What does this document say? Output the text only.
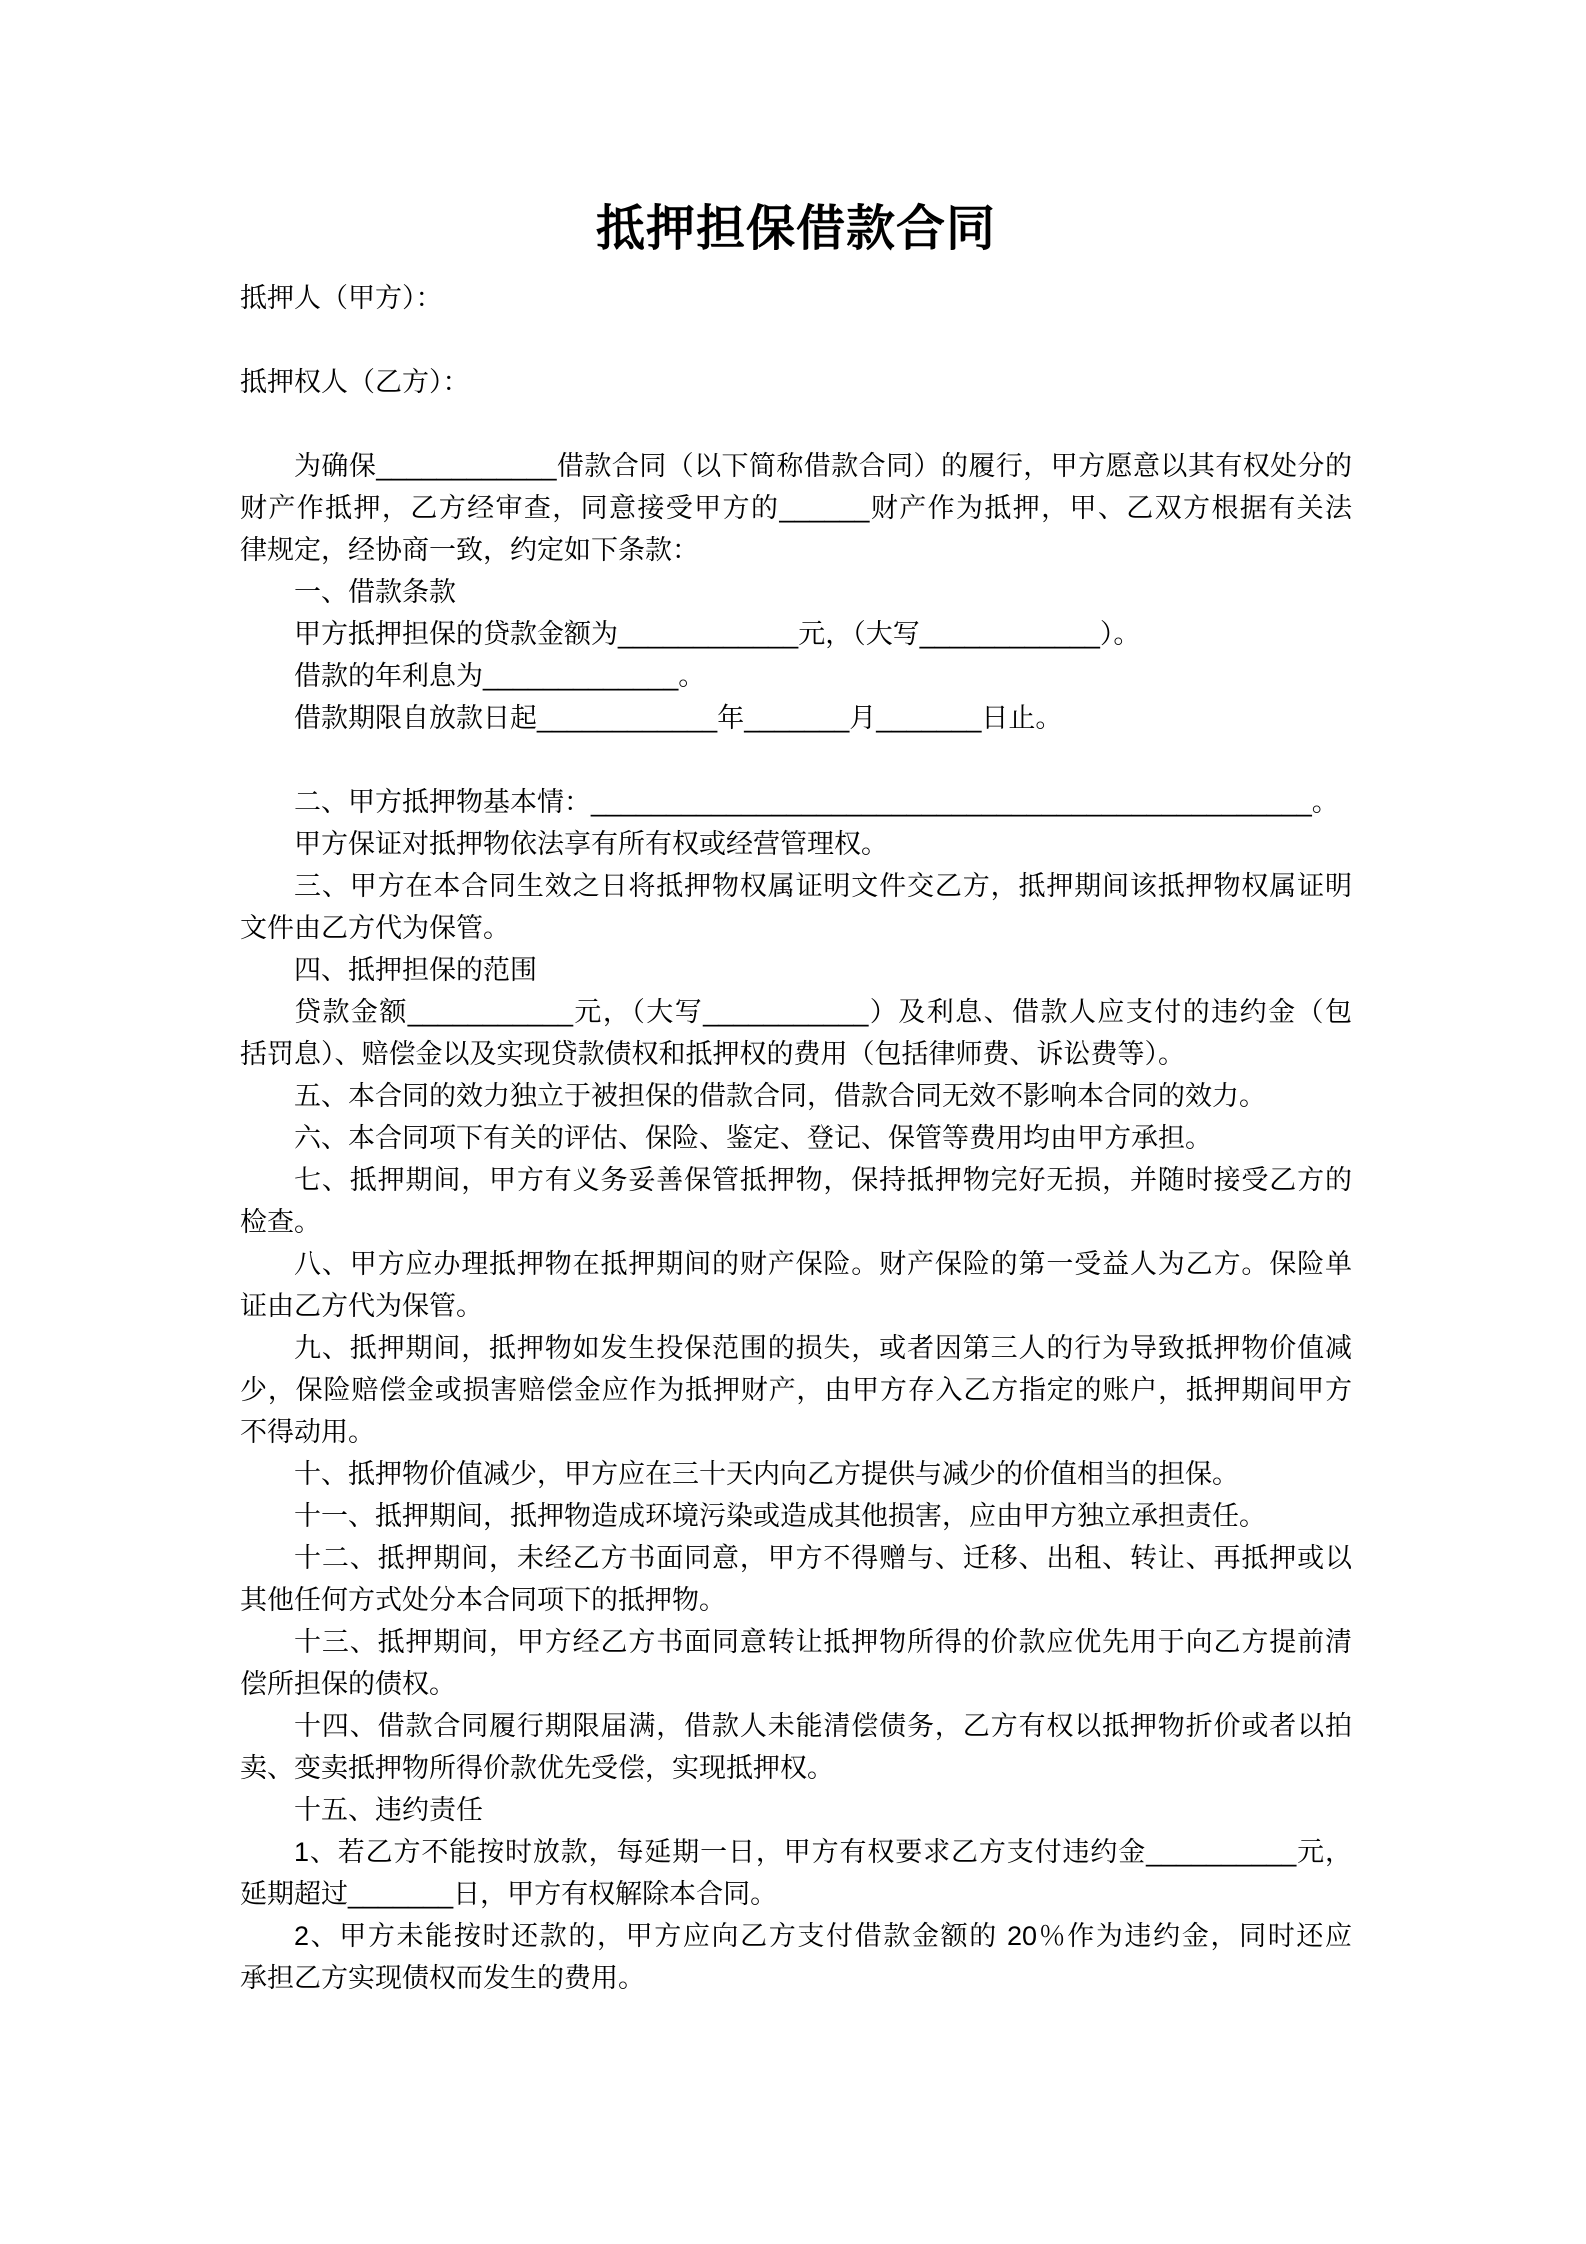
抵押担保借款合同
抵押人（甲方）：
抵押权人（乙方）：
为确保____________借款合同（以下简称借款合同）的履行，甲方愿意以其有权处分的
财产作抵押，乙方经审查，同意接受甲方的______财产作为抵押，甲、乙双方根据有关法
律规定，经协商一致，约定如下条款：
一、借款条款
甲方抵押担保的贷款金额为____________元，（大写____________）。
借款的年利息为_____________。
借款期限自放款日起____________年_______月_______日止。
二、甲方抵押物基本情：________________________________________________。
甲方保证对抵押物依法享有所有权或经营管理权。
三、甲方在本合同生效之日将抵押物权属证明文件交乙方，抵押期间该抵押物权属证明
文件由乙方代为保管。
四、抵押担保的范围
贷款金额___________元，（大写___________）及利息、借款人应支付的违约金（包
括罚息）、赔偿金以及实现贷款债权和抵押权的费用（包括律师费、诉讼费等）。
五、本合同的效力独立于被担保的借款合同，借款合同无效不影响本合同的效力。
六、本合同项下有关的评估、保险、鉴定、登记、保管等费用均由甲方承担。
七、抵押期间，甲方有义务妥善保管抵押物，保持抵押物完好无损，并随时接受乙方的
检查。
八、甲方应办理抵押物在抵押期间的财产保险。财产保险的第一受益人为乙方。保险单
证由乙方代为保管。
九、抵押期间，抵押物如发生投保范围的损失，或者因第三人的行为导致抵押物价值减
少，保险赔偿金或损害赔偿金应作为抵押财产，由甲方存入乙方指定的账户，抵押期间甲方
不得动用。
十、抵押物价值减少，甲方应在三十天内向乙方提供与减少的价值相当的担保。
十一、抵押期间，抵押物造成环境污染或造成其他损害，应由甲方独立承担责任。
十二、抵押期间，未经乙方书面同意，甲方不得赠与、迁移、出租、转让、再抵押或以
其他任何方式处分本合同项下的抵押物。
十三、抵押期间，甲方经乙方书面同意转让抵押物所得的价款应优先用于向乙方提前清
偿所担保的债权。
十四、借款合同履行期限届满，借款人未能清偿债务，乙方有权以抵押物折价或者以拍
卖、变卖抵押物所得价款优先受偿，实现抵押权。
十五、违约责任
1、若乙方不能按时放款，每延期一日，甲方有权要求乙方支付违约金__________元，
延期超过_______日，甲方有权解除本合同。
2、甲方未能按时还款的，甲方应向乙方支付借款金额的 20％作为违约金，同时还应
承担乙方实现债权而发生的费用。
